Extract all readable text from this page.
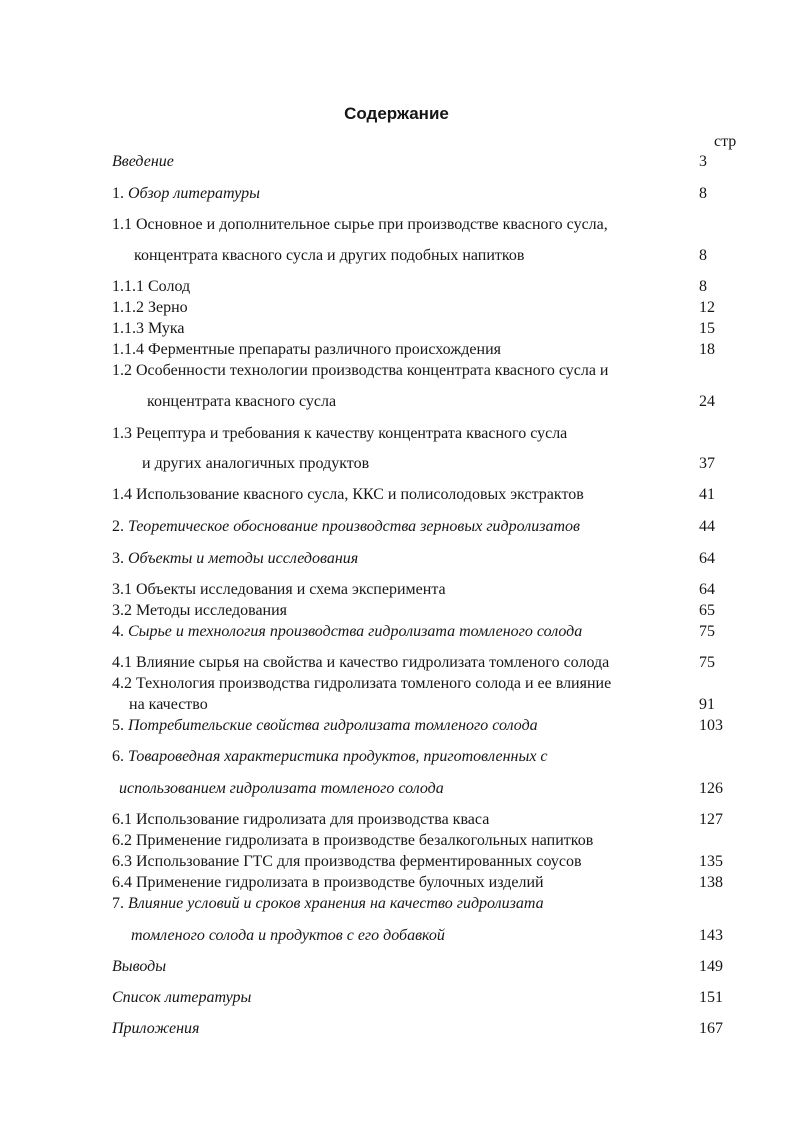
Содержание
стр
Введение	3
1. Обзор литературы	8
1.1 Основное и дополнительное сырье при производстве квасного сусла,
концентрата квасного сусла и других подобных напитков	8
1.1.1 Солод	8
1.1.2 Зерно	12
1.1.3 Мука	15
1.1.4 Ферментные препараты различного происхождения	18
1.2 Особенности технологии производства концентрата квасного сусла и
концентрата квасного сусла	24
1.3 Рецептура и требования к качеству концентрата квасного сусла
и других аналогичных продуктов	37
1.4 Использование квасного сусла, ККС и полисолодовых экстрактов	41
2. Теоретическое обоснование производства зерновых гидролизатов	44
3. Объекты и методы исследования	64
3.1 Объекты исследования и схема эксперимента	64
3.2 Методы исследования	65
4. Сырье и технология производства гидролизата томленого солода	75
4.1 Влияние сырья на свойства и качество гидролизата томленого солода	75
4.2 Технология производства гидролизата томленого солода и ее влияние
на качество	91
5. Потребительские свойства гидролизата томленого солода	103
6. Товароведная характеристика продуктов, приготовленных с
использованием гидролизата томленого солода	126
6.1 Использование гидролизата для производства кваса	127
6.2 Применение гидролизата в производстве безалкогольных напитков
6.3 Использование ГТС для производства ферментированных соусов	135
6.4 Применение гидролизата в производстве булочных изделий	138
7. Влияние условий и сроков хранения на качество гидролизата
томленого солода и продуктов с его добавкой	143
Выводы	149
Список литературы	151
Приложения	167
